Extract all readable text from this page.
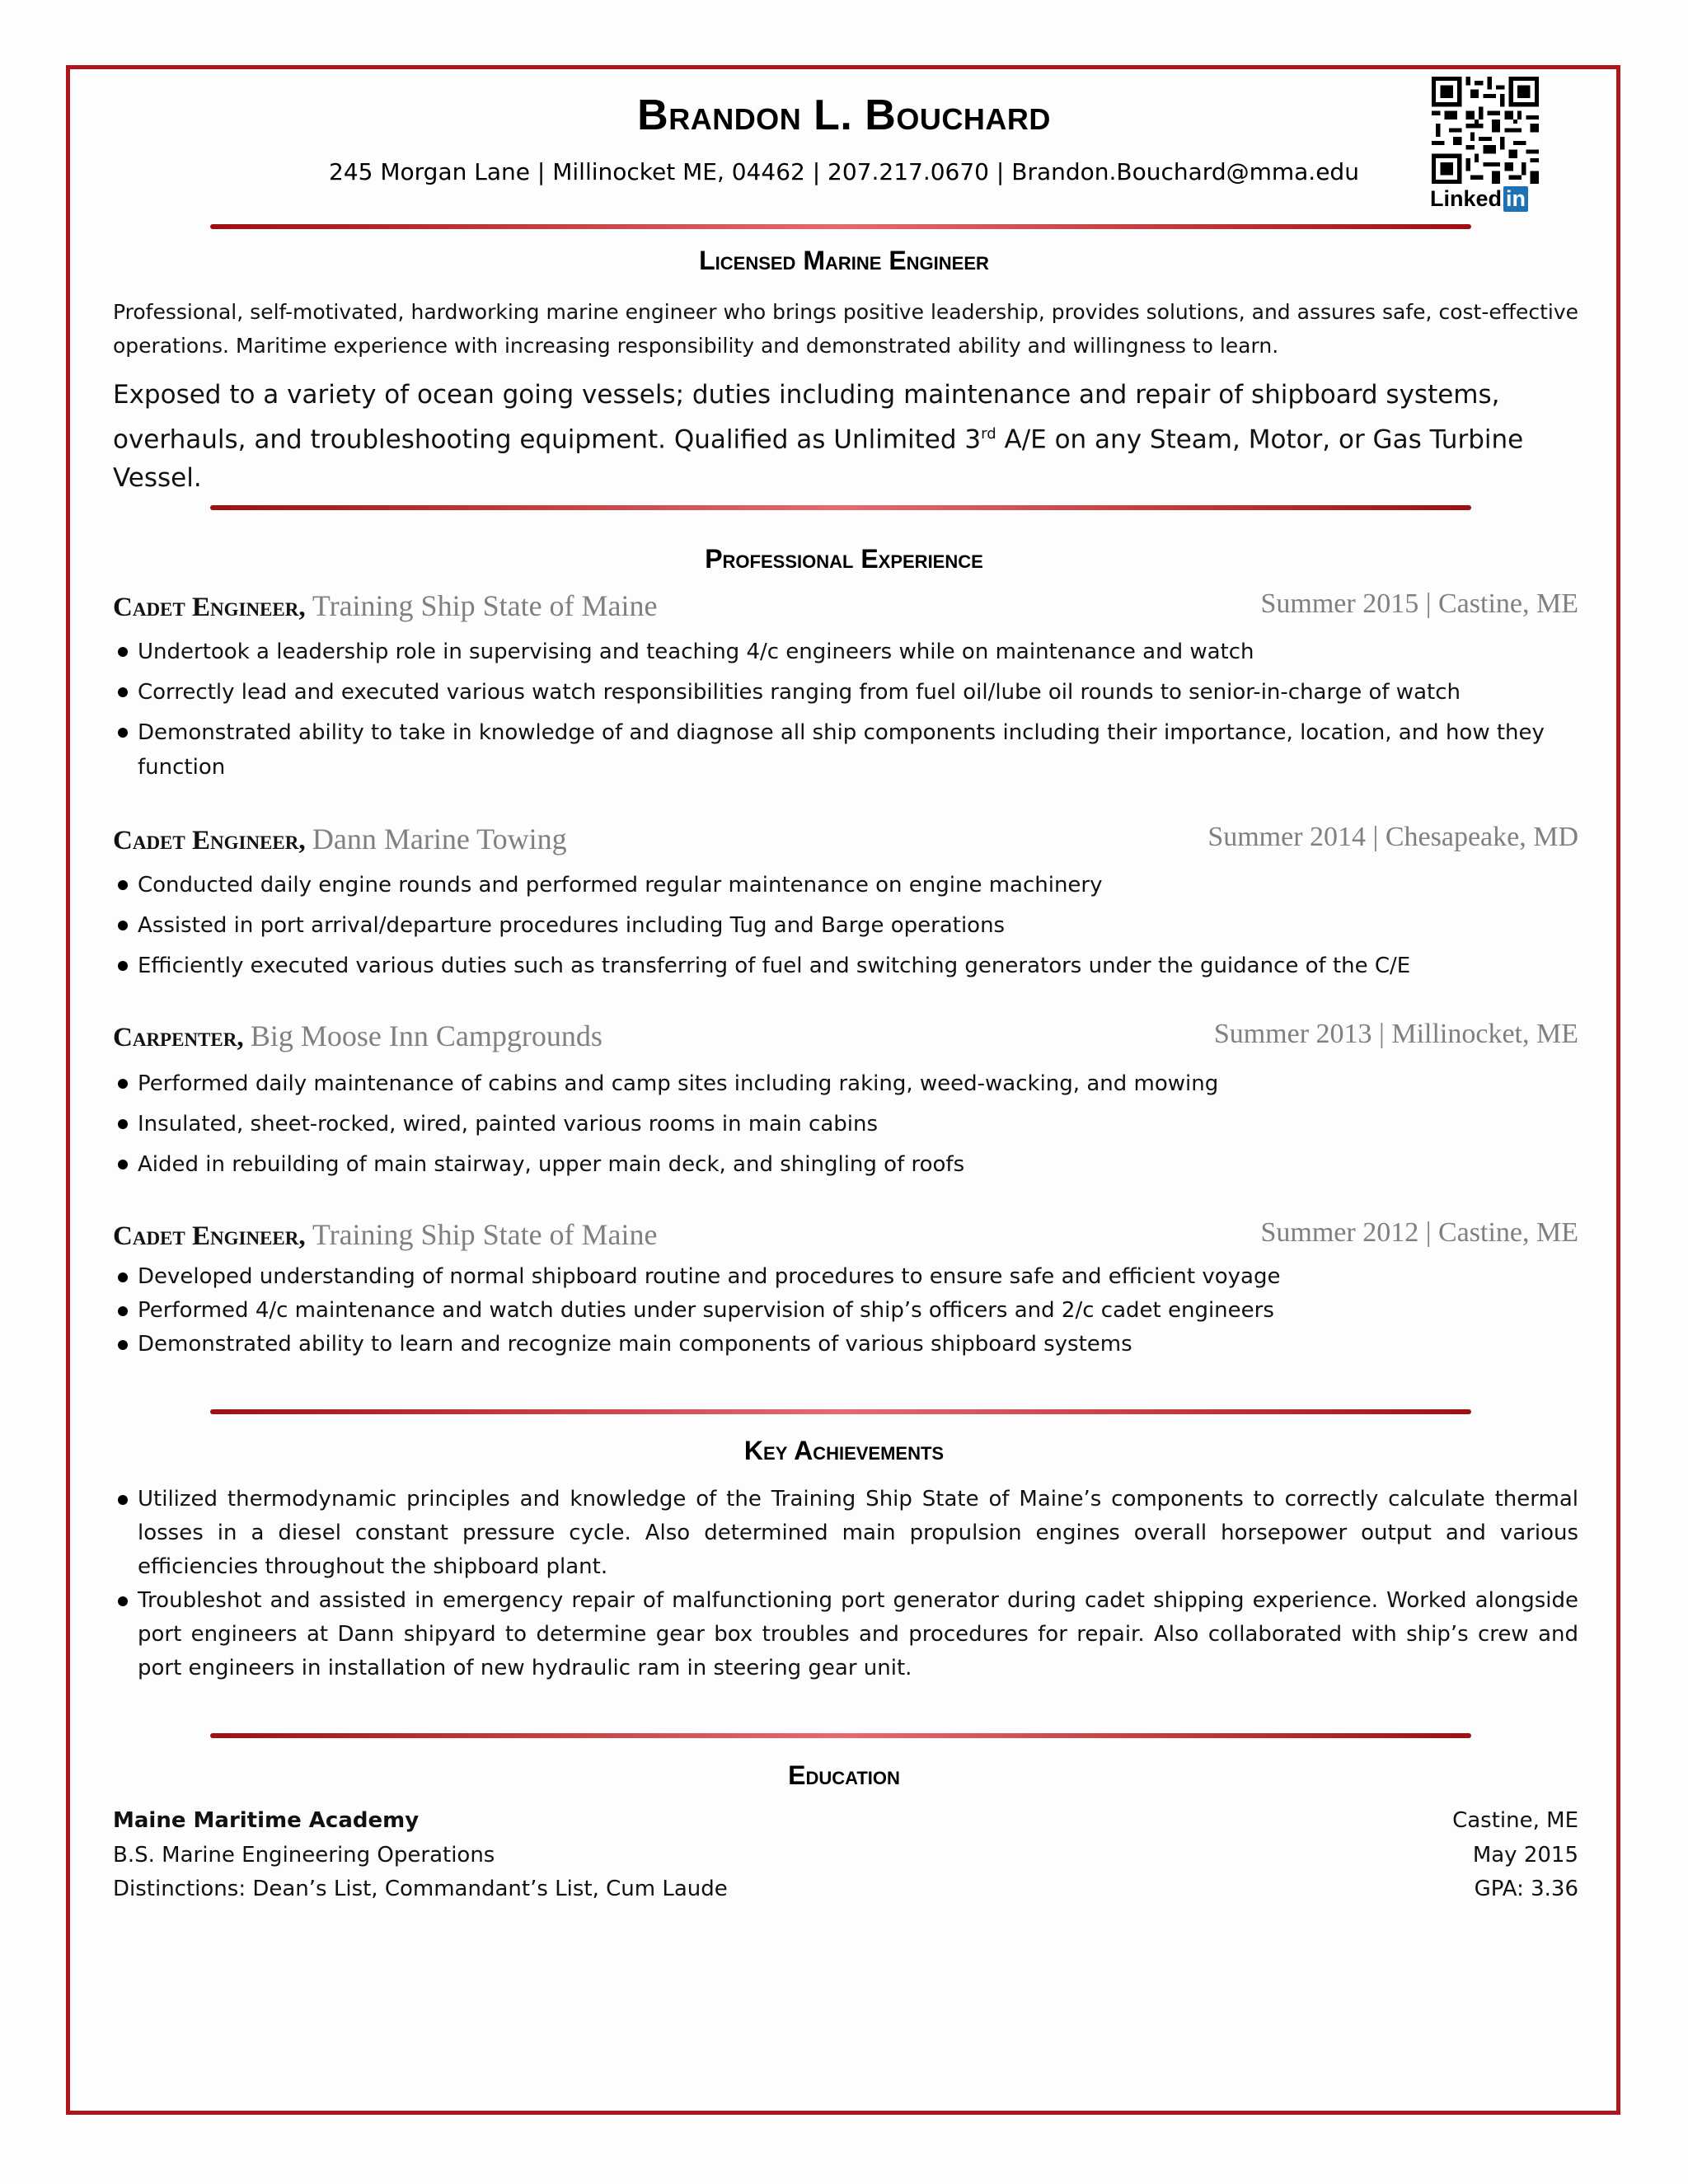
Brandon L. Bouchard
245 Morgan Lane | Millinocket ME, 04462 | 207.217.0670 | Brandon.Bouchard@mma.edu
Linked in
Licensed Marine Engineer
Professional, self-motivated, hardworking marine engineer who brings positive leadership, provides solutions, and assures safe, cost-effective operations. Maritime experience with increasing responsibility and demonstrated ability and willingness to learn.
Exposed to a variety of ocean going vessels; duties including maintenance and repair of shipboard systems, overhauls, and troubleshooting equipment. Qualified as Unlimited 3rd A/E on any Steam, Motor, or Gas Turbine Vessel.
Professional Experience
Cadet Engineer, Training Ship State of Maine	Summer 2015 | Castine, ME
Undertook a leadership role in supervising and teaching 4/c engineers while on maintenance and watch
Correctly lead and executed various watch responsibilities ranging from fuel oil/lube oil rounds to senior-in-charge of watch
Demonstrated ability to take in knowledge of and diagnose all ship components including their importance, location, and how they function
Cadet Engineer, Dann Marine Towing	Summer 2014 | Chesapeake, MD
Conducted daily engine rounds and performed regular maintenance on engine machinery
Assisted in port arrival/departure procedures including Tug and Barge operations
Efficiently executed various duties such as transferring of fuel and switching generators under the guidance of the C/E
Carpenter, Big Moose Inn Campgrounds	Summer 2013 | Millinocket, ME
Performed daily maintenance of cabins and camp sites including raking, weed-wacking, and mowing
Insulated, sheet-rocked, wired, painted various rooms in main cabins
Aided in rebuilding of main stairway, upper main deck, and shingling of roofs
Cadet Engineer, Training Ship State of Maine	Summer 2012 | Castine, ME
Developed understanding of normal shipboard routine and procedures to ensure safe and efficient voyage
Performed 4/c maintenance and watch duties under supervision of ship’s officers and 2/c cadet engineers
Demonstrated ability to learn and recognize main components of various shipboard systems
Key Achievements
Utilized thermodynamic principles and knowledge of the Training Ship State of Maine’s components to correctly calculate thermal losses in a diesel constant pressure cycle. Also determined main propulsion engines overall horsepower output and various efficiencies throughout the shipboard plant.
Troubleshot and assisted in emergency repair of malfunctioning port generator during cadet shipping experience. Worked alongside port engineers at Dann shipyard to determine gear box troubles and procedures for repair. Also collaborated with ship’s crew and port engineers in installation of new hydraulic ram in steering gear unit.
Education
Maine Maritime Academy	Castine, ME
B.S. Marine Engineering Operations	May 2015
Distinctions: Dean’s List, Commandant’s List, Cum Laude	GPA: 3.36
